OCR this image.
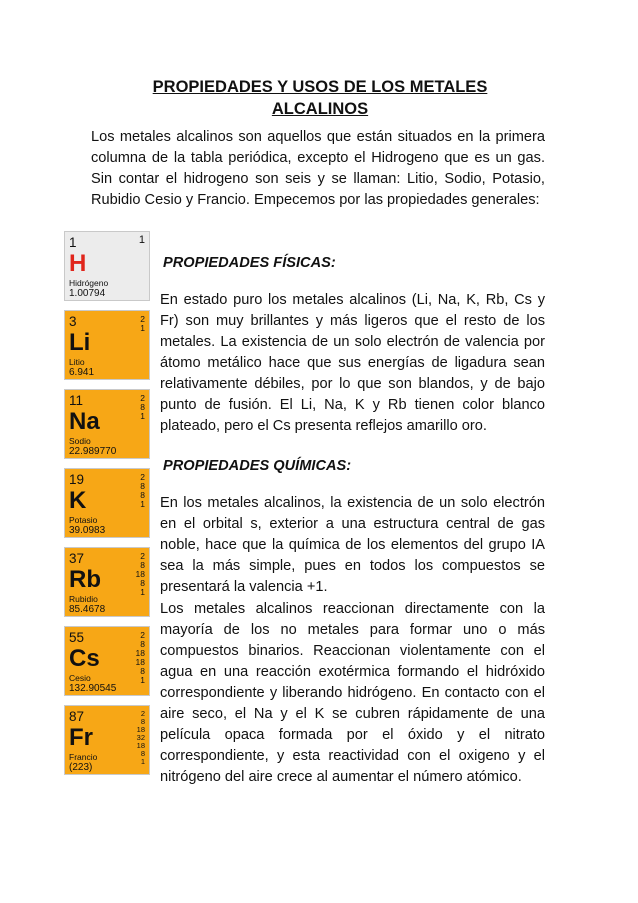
PROPIEDADES Y USOS DE LOS METALES
ALCALINOS

Los metales alcalinos son aquellos que están situados en la primera columna de la tabla periódica, excepto el Hidrogeno que es un gas. Sin contar el hidrogeno son seis y se llaman: Litio, Sodio, Potasio, Rubidio Cesio y Francio. Empecemos por las propiedades generales:

1
H
Hidrógeno
1.00794
1
3
Li
Litio
6.941
2
1
11
Na
Sodio
22.989770
2
8
1
19
K
Potasio
39.0983
2
8
8
1
37
Rb
Rubidio
85.4678
2
8
18
8
1
55
Cs
Cesio
132.90545
2
8
18
18
8
1
87
Fr
Francio
(223)
2
8
18
32
18
8
1
PROPIEDADES FÍSICAS:

En estado puro los metales alcalinos (Li, Na, K, Rb, Cs y Fr) son muy brillantes y más ligeros que el resto de los metales. La existencia de un solo electrón de valencia por átomo metálico hace que sus energías de ligadura sean relativamente débiles, por lo que son blandos, y de bajo punto de fusión. El Li, Na, K y Rb tienen color blanco plateado, pero el Cs presenta reflejos amarillo oro.

PROPIEDADES QUÍMICAS:

En los metales alcalinos, la existencia de un solo electrón en el orbital s, exterior a una estructura central de gas noble, hace que la química de los elementos del grupo IA sea la más simple, pues en todos los compuestos se presentará la valencia +1.

Los metales alcalinos reaccionan directamente con la mayoría de los no metales para formar uno o más compuestos binarios. Reaccionan violentamente con el agua en una reacción exotérmica formando el hidróxido correspondiente y liberando hidrógeno. En contacto con el aire seco, el Na y el K se cubren rápidamente de una película opaca formada por el óxido y el nitrato correspondiente, y esta reactividad con el oxigeno y el nitrógeno del aire crece al aumentar el número atómico.
